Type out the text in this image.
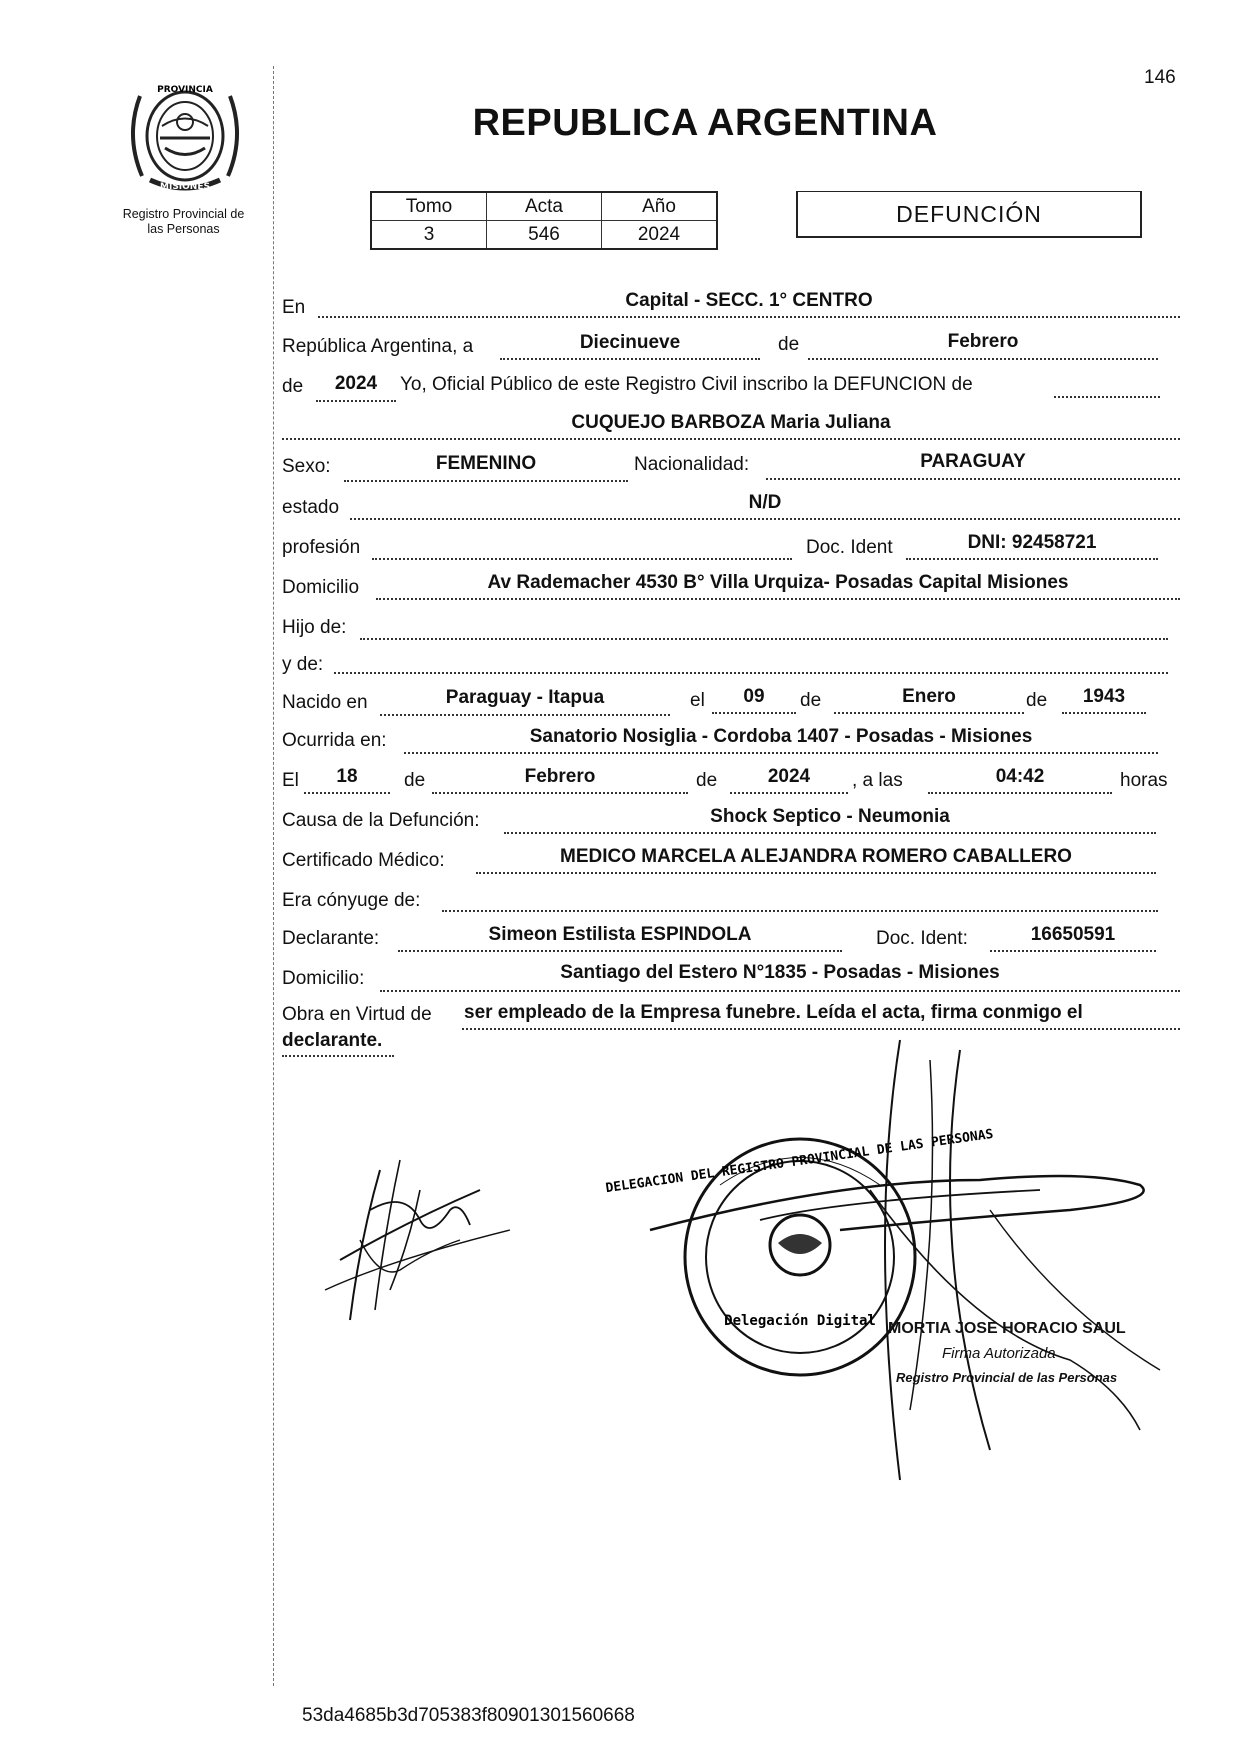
146
PROVINCIA
MISIONES
Registro Provincial de
las Personas
REPUBLICA ARGENTINA
Tomo	Acta	Año
3	546	2024
DEFUNCIÓN
En	Capital - SECC. 1° CENTRO
República Argentina, a	Diecinueve	de	Febrero
de	2024	Yo, Oficial Público de este Registro Civil inscribo la DEFUNCION de
CUQUEJO BARBOZA Maria Juliana
Sexo:	FEMENINO	Nacionalidad:	PARAGUAY
estado	N/D
profesión	Doc. Ident	DNI: 92458721
Domicilio	Av Rademacher 4530 B° Villa Urquiza- Posadas Capital Misiones
Hijo de:
y de:
Nacido en	Paraguay - Itapua	el	09	de	Enero	de	1943
Ocurrida en:	Sanatorio Nosiglia - Cordoba 1407 - Posadas - Misiones
El	18	de	Febrero	de	2024	, a las	04:42	horas
Causa de la Defunción:	Shock Septico - Neumonia
Certificado Médico:	MEDICO MARCELA ALEJANDRA ROMERO CABALLERO
Era cónyuge de:
Declarante:	Simeon Estilista ESPINDOLA	Doc. Ident:	16650591
Domicilio:	Santiago del Estero N°1835 - Posadas - Misiones
Obra en Virtud de ser empleado de la Empresa funebre. Leída el acta, firma conmigo el
declarante.
DELEGACION DEL REGISTRO PROVINCIAL DE LAS PERSONAS
Delegación Digital MORTIA JOSE HORACIO SAUL
Firma Autorizada
Registro Provincial de las Personas
53da4685b3d705383f80901301560668
